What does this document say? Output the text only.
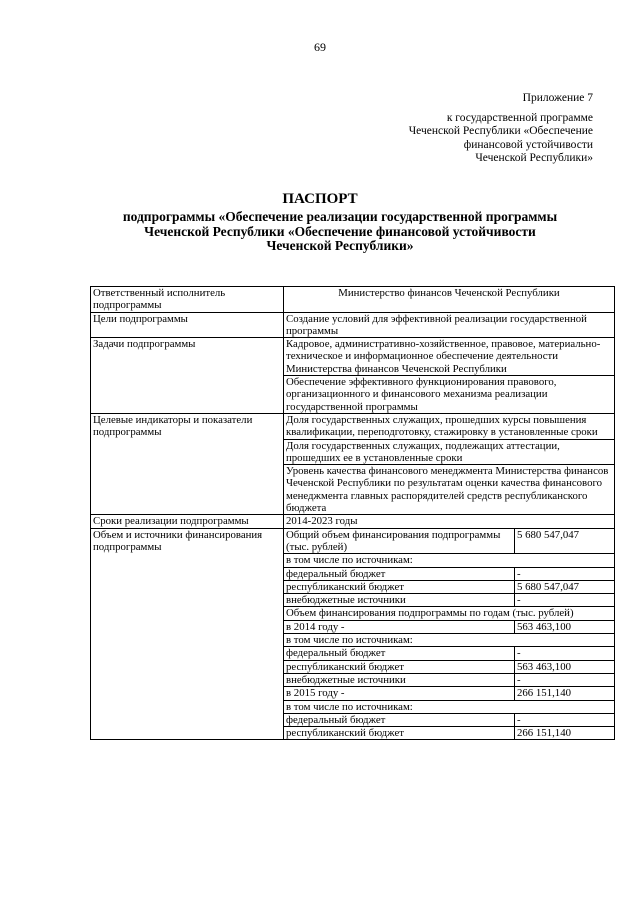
69
Приложение 7
к государственной программе
Чеченской Республики «Обеспечение
финансовой устойчивости
Чеченской Республики»
ПАСПОРТ
подпрограммы «Обеспечение реализации государственной программы
Чеченской Республики «Обеспечение финансовой устойчивости
Чеченской Республики»
Ответственный исполнитель подпрограммы	Министерство финансов Чеченской Республики	
Цели подпрограммы	Создание условий для эффективной реализации государственной программы	
Задачи подпрограммы	Кадровое, административно-хозяйственное, правовое, материально-техническое и информационное обеспечение деятельности Министерства финансов Чеченской Республики	
	Обеспечение эффективного функционирования правового, организационного и финансового механизма реализации государственной программы	
Целевые индикаторы и показатели подпрограммы	Доля государственных служащих, прошедших курсы повышения квалификации, переподготовку, стажировку в установленные сроки	
	Доля государственных служащих, подлежащих аттестации, прошедших ее в установленные сроки	
	Уровень качества финансового менеджмента Министерства финансов Чеченской Республики по результатам оценки качества финансового менеджмента главных распорядителей средств республиканского бюджета	
Сроки реализации подпрограммы	2014-2023 годы	
Объем и источники финансирования подпрограммы	Общий объем финансирования подпрограммы (тыс. рублей)	5 680 547,047
	в том числе по источникам:	
	федеральный бюджет	-
	республиканский бюджет	5 680 547,047
	внебюджетные источники	-
	Объем финансирования подпрограммы по годам (тыс. рублей)	
	в 2014 году -	563 463,100
	в том числе по источникам:	
	федеральный бюджет	-
	республиканский бюджет	563 463,100
	внебюджетные источники	-
	в 2015 году -	266 151,140
	в том числе по источникам:	
	федеральный бюджет	-
	республиканский бюджет	266 151,140
